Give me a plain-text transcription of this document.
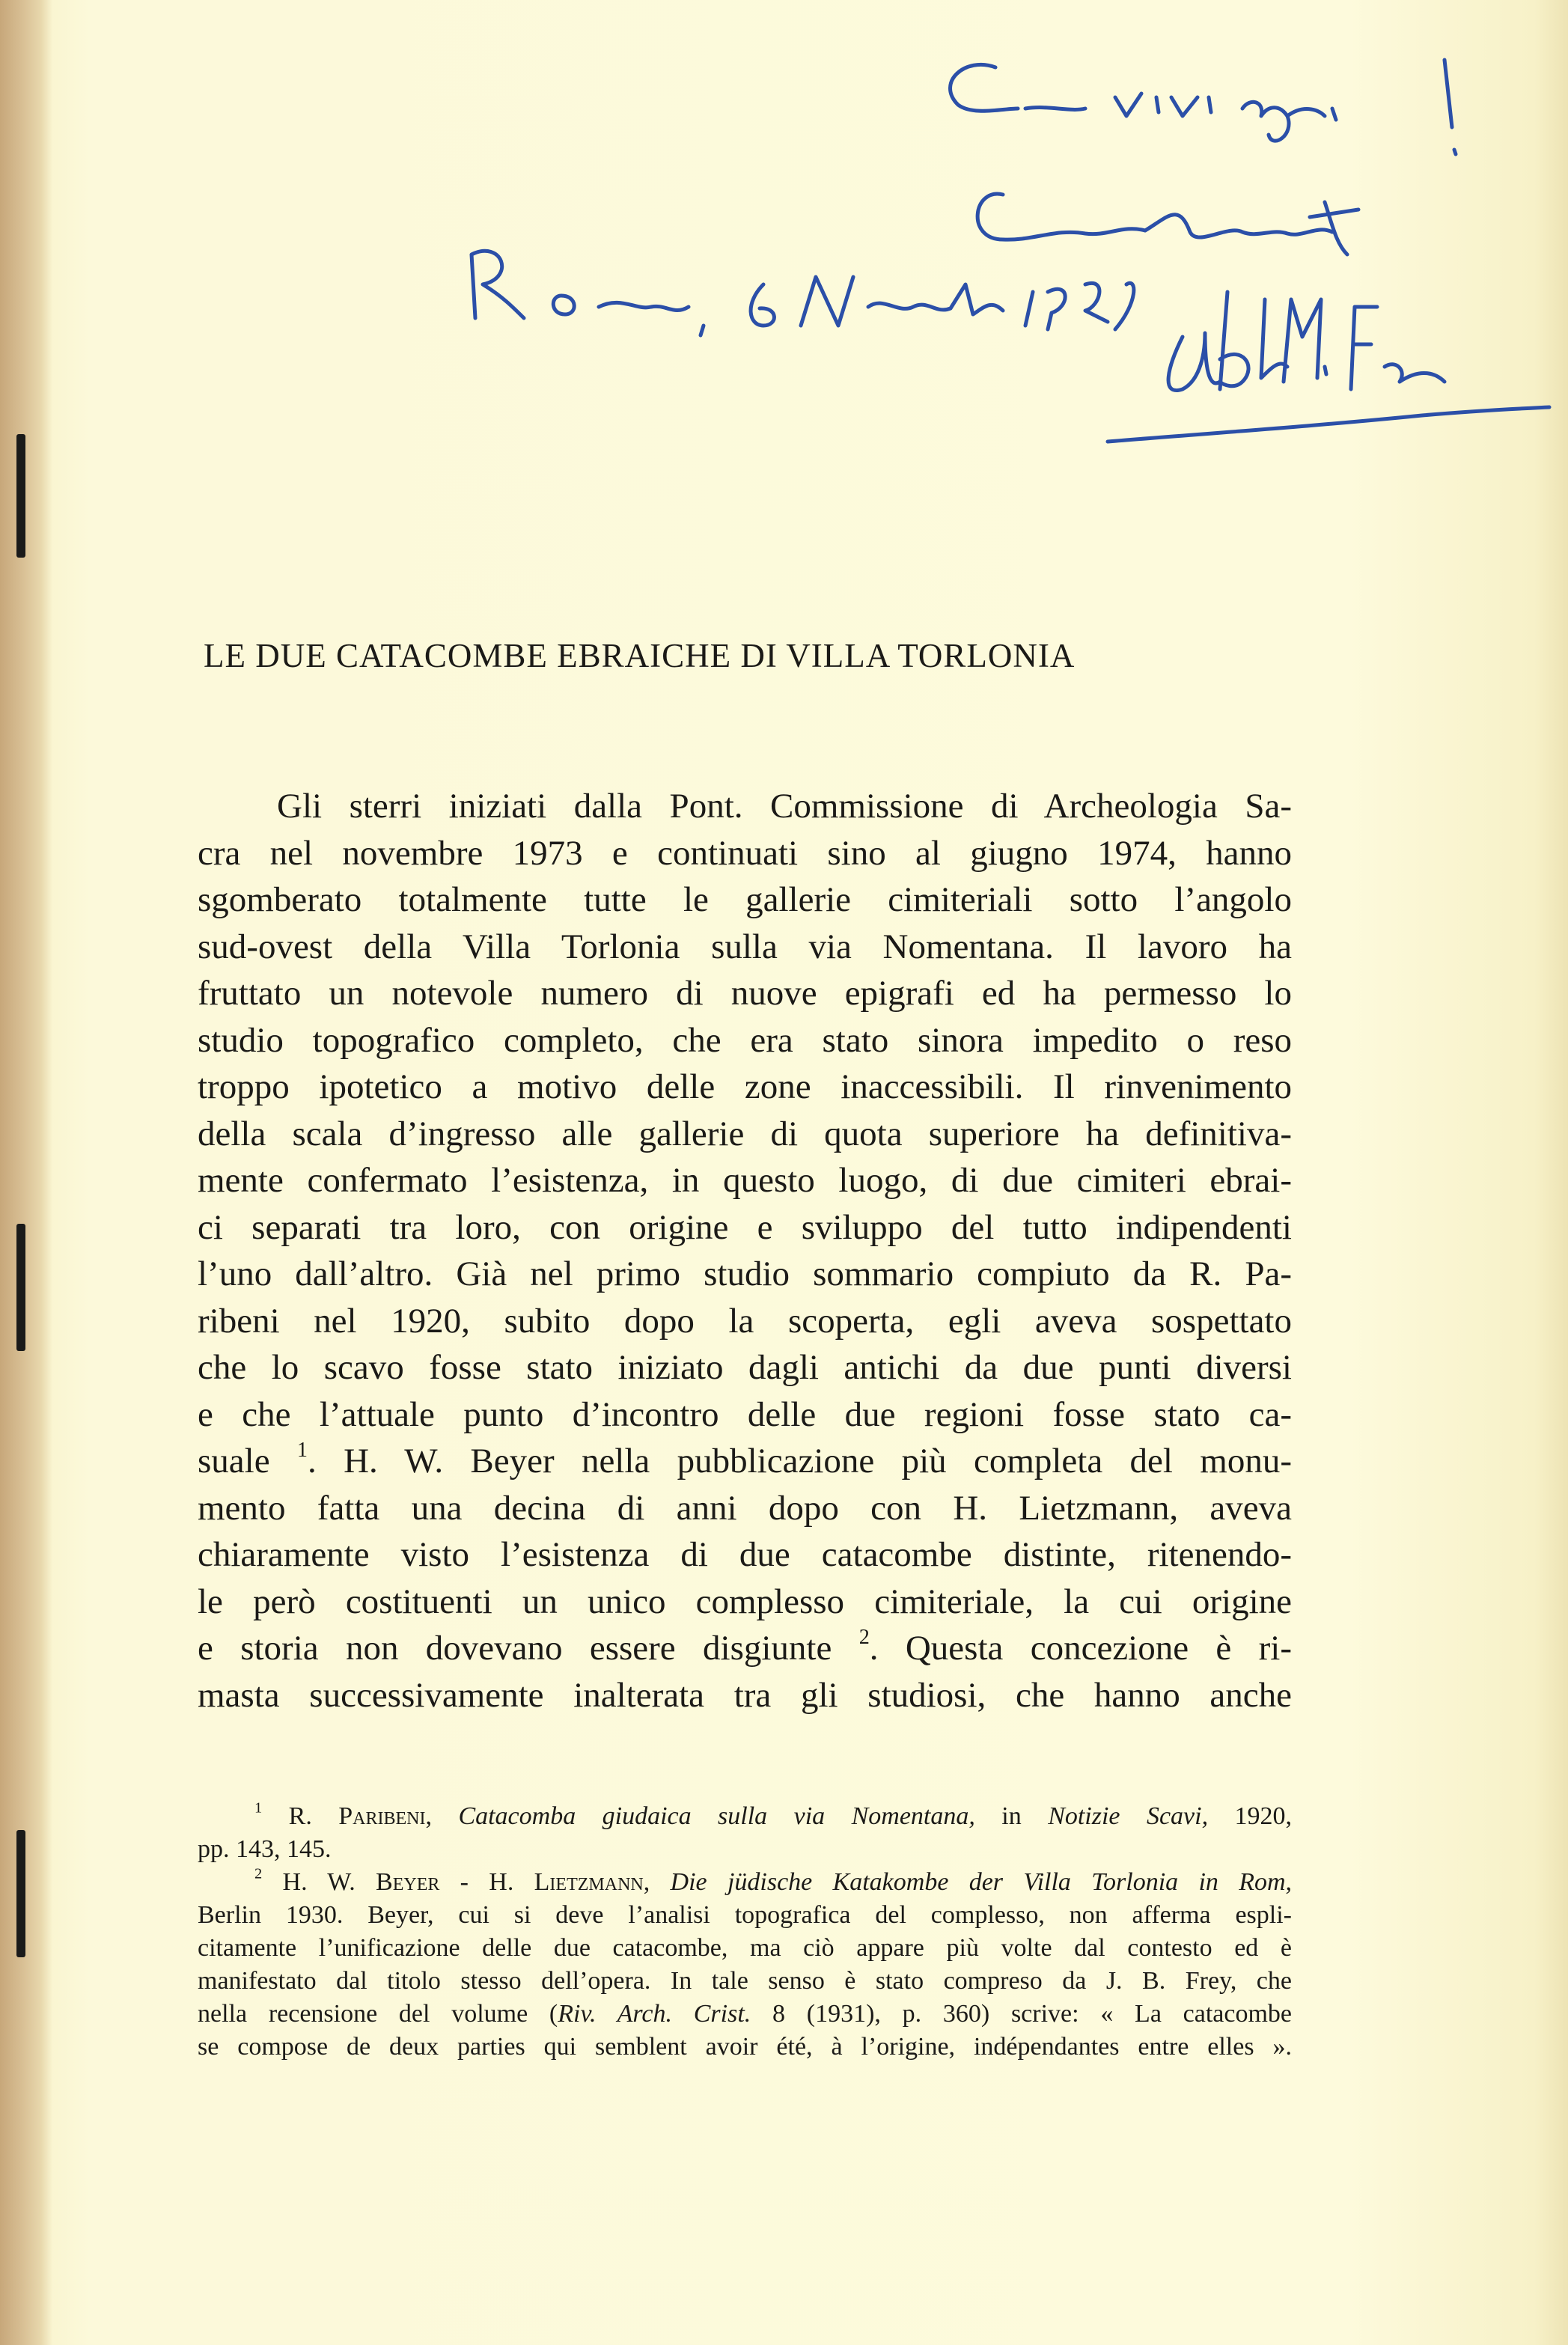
LE DUE CATACOMBE EBRAICHE DI VILLA TORLONIA
Gli sterri iniziati dalla Pont. Commissione di Archeologia Sa-
cra nel novembre 1973 e continuati sino al giugno 1974, hanno
sgomberato totalmente tutte le gallerie cimiteriali sotto l’angolo
sud-ovest della Villa Torlonia sulla via Nomentana. Il lavoro ha
fruttato un notevole numero di nuove epigrafi ed ha permesso lo
studio topografico completo, che era stato sinora impedito o reso
troppo ipotetico a motivo delle zone inaccessibili. Il rinvenimento
della scala d’ingresso alle gallerie di quota superiore ha definitiva-
mente confermato l’esistenza, in questo luogo, di due cimiteri ebrai-
ci separati tra loro, con origine e sviluppo del tutto indipendenti
l’uno dall’altro. Già nel primo studio sommario compiuto da R. Pa-
ribeni nel 1920, subito dopo la scoperta, egli aveva sospettato
che lo scavo fosse stato iniziato dagli antichi da due punti diversi
e che l’attuale punto d’incontro delle due regioni fosse stato ca-
suale $^1$. H. W. Beyer nella pubblicazione più completa del monu-
mento fatta una decina di anni dopo con H. Lietzmann, aveva
chiaramente visto l’esistenza di due catacombe distinte, ritenendo-
le però costituenti un unico complesso cimiteriale, la cui origine
e storia non dovevano essere disgiunte $^2$. Questa concezione è ri-
masta successivamente inalterata tra gli studiosi, che hanno anche
$^1$ R. Paribeni, Catacomba giudaica sulla via Nomentana, in Notizie Scavi, 1920,
pp. 143, 145.
$^2$ H. W. Beyer - H. Lietzmann, Die jüdische Katakombe der Villa Torlonia in Rom,
Berlin 1930. Beyer, cui si deve l’analisi topografica del complesso, non afferma espli-
citamente l’unificazione delle due catacombe, ma ciò appare più volte dal contesto ed è
manifestato dal titolo stesso dell’opera. In tale senso è stato compreso da J. B. Frey, che
nella recensione del volume (Riv. Arch. Crist. 8 (1931), p. 360) scrive: « La catacombe
se compose de deux parties qui semblent avoir été, à l’origine, indépendantes entre elles ».
